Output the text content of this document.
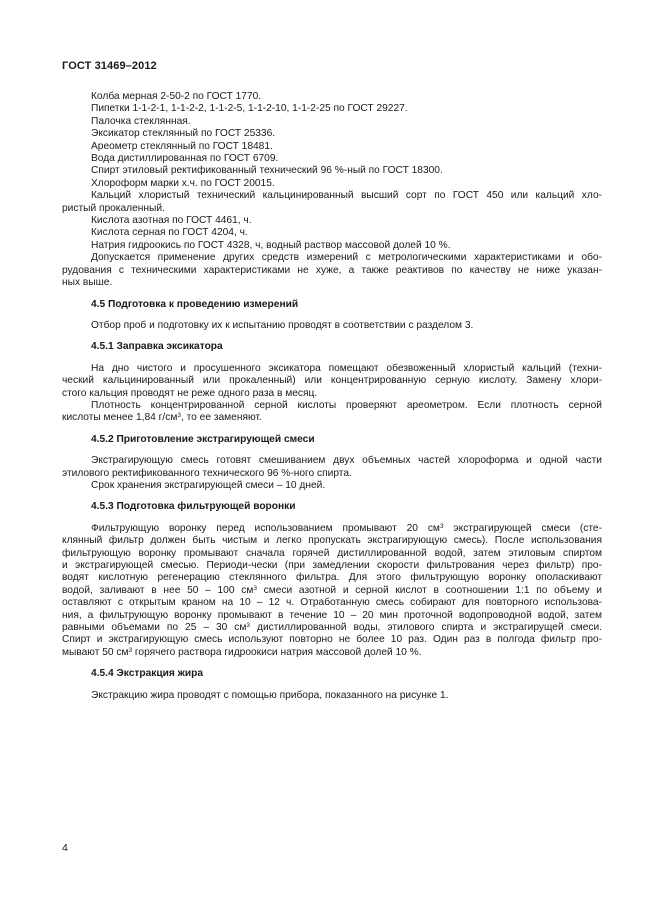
ГОСТ 31469–2012
Колба мерная 2-50-2 по ГОСТ 1770.
Пипетки 1-1-2-1, 1-1-2-2, 1-1-2-5, 1-1-2-10, 1-1-2-25 по ГОСТ 29227.
Палочка стеклянная.
Эксикатор стеклянный по ГОСТ 25336.
Ареометр стеклянный по ГОСТ 18481.
Вода дистиллированная по ГОСТ 6709.
Спирт этиловый ректификованный технический 96 %-ный по ГОСТ 18300.
Хлороформ марки х.ч. по ГОСТ 20015.
Кальций хлористый технический кальцинированный высший сорт по ГОСТ 450 или кальций хло-
ристый прокаленный.
Кислота азотная по ГОСТ 4461, ч.
Кислота серная по ГОСТ 4204, ч.
Натрия гидроокись по ГОСТ 4328, ч, водный раствор массовой долей 10 %.
Допускается применение других средств измерений с метрологическими характеристиками и обо-
рудования с техническими характеристиками не хуже, а также реактивов по качеству не ниже указан-
ных выше.
4.5 Подготовка к проведению измерений
Отбор проб и подготовку их к испытанию проводят в соответствии с разделом 3.
4.5.1 Заправка эксикатора
На дно чистого и просушенного эксикатора помещают обезвоженный хлористый кальций (техни-
ческий кальцинированный или прокаленный) или концентрированную серную кислоту. Замену хлори-
стого кальция проводят не реже одного раза в месяц.
Плотность концентрированной серной кислоты проверяют ареометром. Если плотность серной
кислоты менее 1,84 $г/см^3$, то ее заменяют.
4.5.2 Приготовление экстрагирующей смеси
Экстрагирующую смесь готовят смешиванием двух объемных частей хлороформа и одной части
этилового ректификованного технического 96 %-ного спирта.
Срок хранения экстрагирующей смеси – 10 дней.
4.5.3 Подготовка фильтрующей воронки
Фильтрующую воронку перед использованием промывают 20 $см^3$ экстрагирующей смеси (сте-
клянный фильтр должен быть чистым и легко пропускать экстрагирующую смесь). После использования
фильтрующую воронку промывают сначала горячей дистиллированной водой, затем этиловым спиртом
и экстрагирующей смесью. Периоди-чески (при замедлении скорости фильтрования через фильтр) про-
водят кислотную регенерацию стеклянного фильтра. Для этого фильтрующую воронку ополаскивают
водой, заливают в нее 50 – 100 $см^3$ смеси азотной и серной кислот в соотношении 1:1 по объему и
оставляют с открытым краном на 10 – 12 ч. Отработанную смесь собирают для повторного использова-
ния, а фильтрующую воронку промывают в течение 10 – 20 мин проточной водопроводной водой, затем
равными объемами по 25 – 30 $см^3$ дистиллированной воды, этилового спирта и экстрагирущей смеси.
Спирт и экстрагирующую смесь используют повторно не более 10 раз. Один раз в полгода фильтр про-
мывают 50 $см^3$ горячего раствора гидроокиси натрия массовой долей 10 %.
4.5.4 Экстракция жира
Экстракцию жира проводят с помощью прибора, показанного на рисунке 1.
4
